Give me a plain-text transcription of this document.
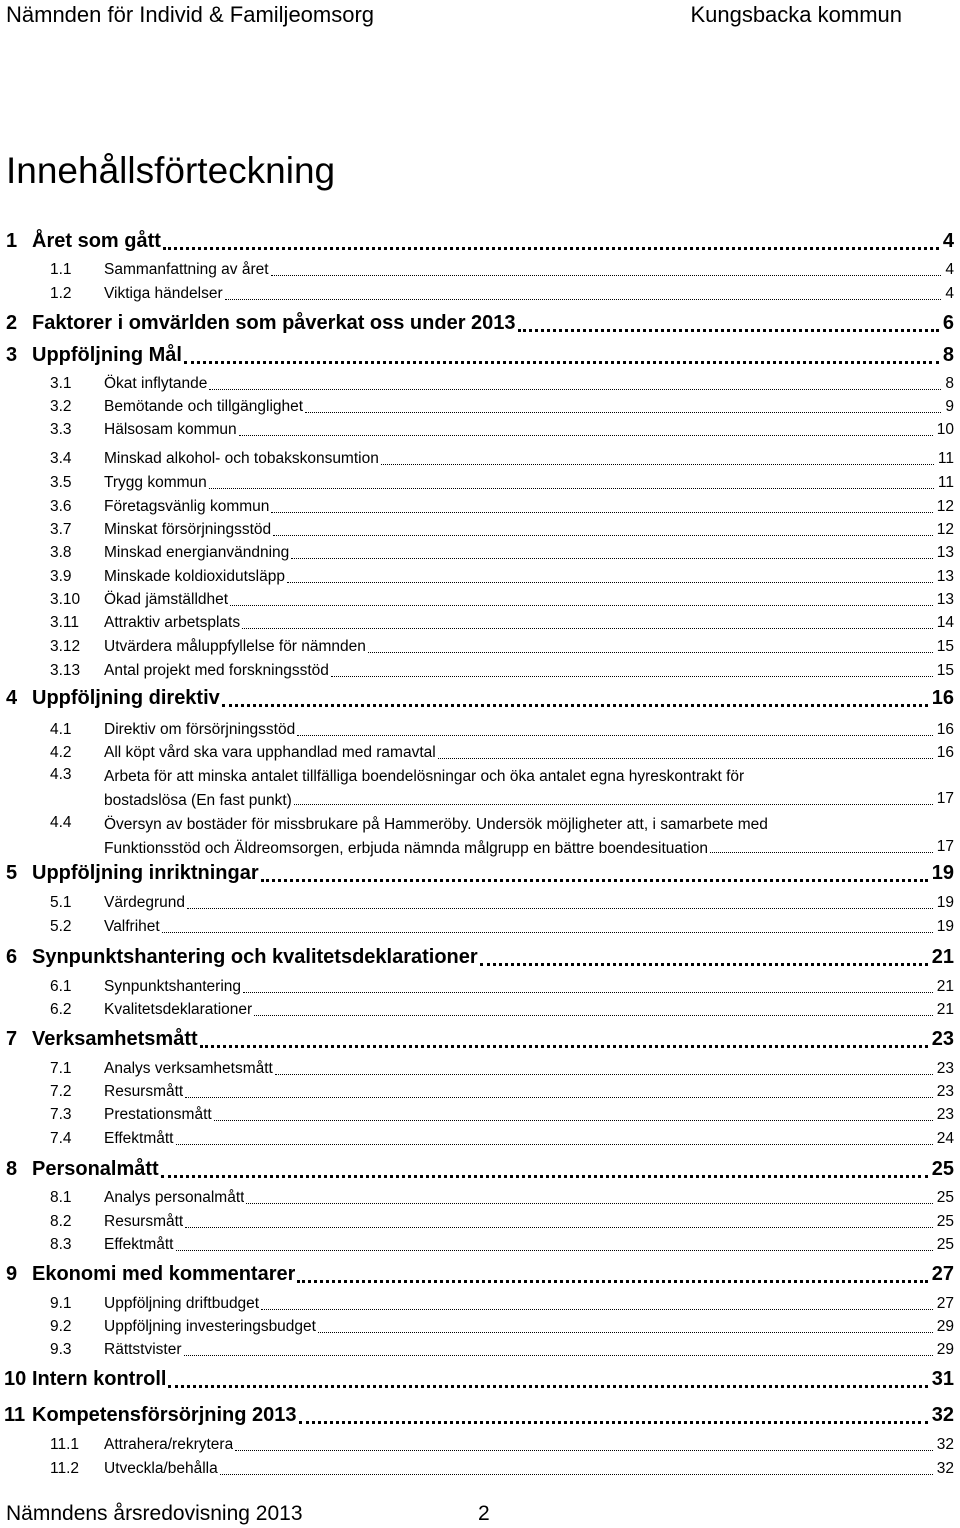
Nämnden för Individ & Familjeomsorg	Kungsbacka kommun
Innehållsförteckning
1 Året som gått	4
1.1 Sammanfattning av året	4
1.2 Viktiga händelser	4
2 Faktorer i omvärlden som påverkat oss under 2013	6
3 Uppföljning Mål	8
3.1 Ökat inflytande	8
3.2 Bemötande och tillgänglighet	9
3.3 Hälsosam kommun	10
3.4 Minskad alkohol- och tobakskonsumtion	11
3.5 Trygg kommun	11
3.6 Företagsvänlig kommun	12
3.7 Minskat försörjningsstöd	12
3.8 Minskad energianvändning	13
3.9 Minskade koldioxidutsläpp	13
3.10 Ökad jämställdhet	13
3.11 Attraktiv arbetsplats	14
3.12 Utvärdera måluppfyllelse för nämnden	15
3.13 Antal projekt med forskningsstöd	15
4 Uppföljning direktiv	16
4.1 Direktiv om försörjningsstöd	16
4.2 All köpt vård ska vara upphandlad med ramavtal	16
4.3 Arbeta för att minska antalet tillfälliga boendelösningar och öka antalet egna hyreskontrakt för
bostadslösa (En fast punkt)	17
4.4 Översyn av bostäder för missbrukare på Hammeröby. Undersök möjligheter att, i samarbete med
Funktionsstöd och Äldreomsorgen, erbjuda nämnda målgrupp en bättre boendesituation	17
5 Uppföljning inriktningar	19
5.1 Värdegrund	19
5.2 Valfrihet	19
6 Synpunktshantering och kvalitetsdeklarationer	21
6.1 Synpunktshantering	21
6.2 Kvalitetsdeklarationer	21
7 Verksamhetsmått	23
7.1 Analys verksamhetsmått	23
7.2 Resursmått	23
7.3 Prestationsmått	23
7.4 Effektmått	24
8 Personalmått	25
8.1 Analys personalmått	25
8.2 Resursmått	25
8.3 Effektmått	25
9 Ekonomi med kommentarer	27
9.1 Uppföljning driftbudget	27
9.2 Uppföljning investeringsbudget	29
9.3 Rättstvister	29
10 Intern kontroll	31
11 Kompetensförsörjning 2013	32
11.1 Attrahera/rekrytera	32
11.2 Utveckla/behålla	32
Nämndens årsredovisning 2013	2
